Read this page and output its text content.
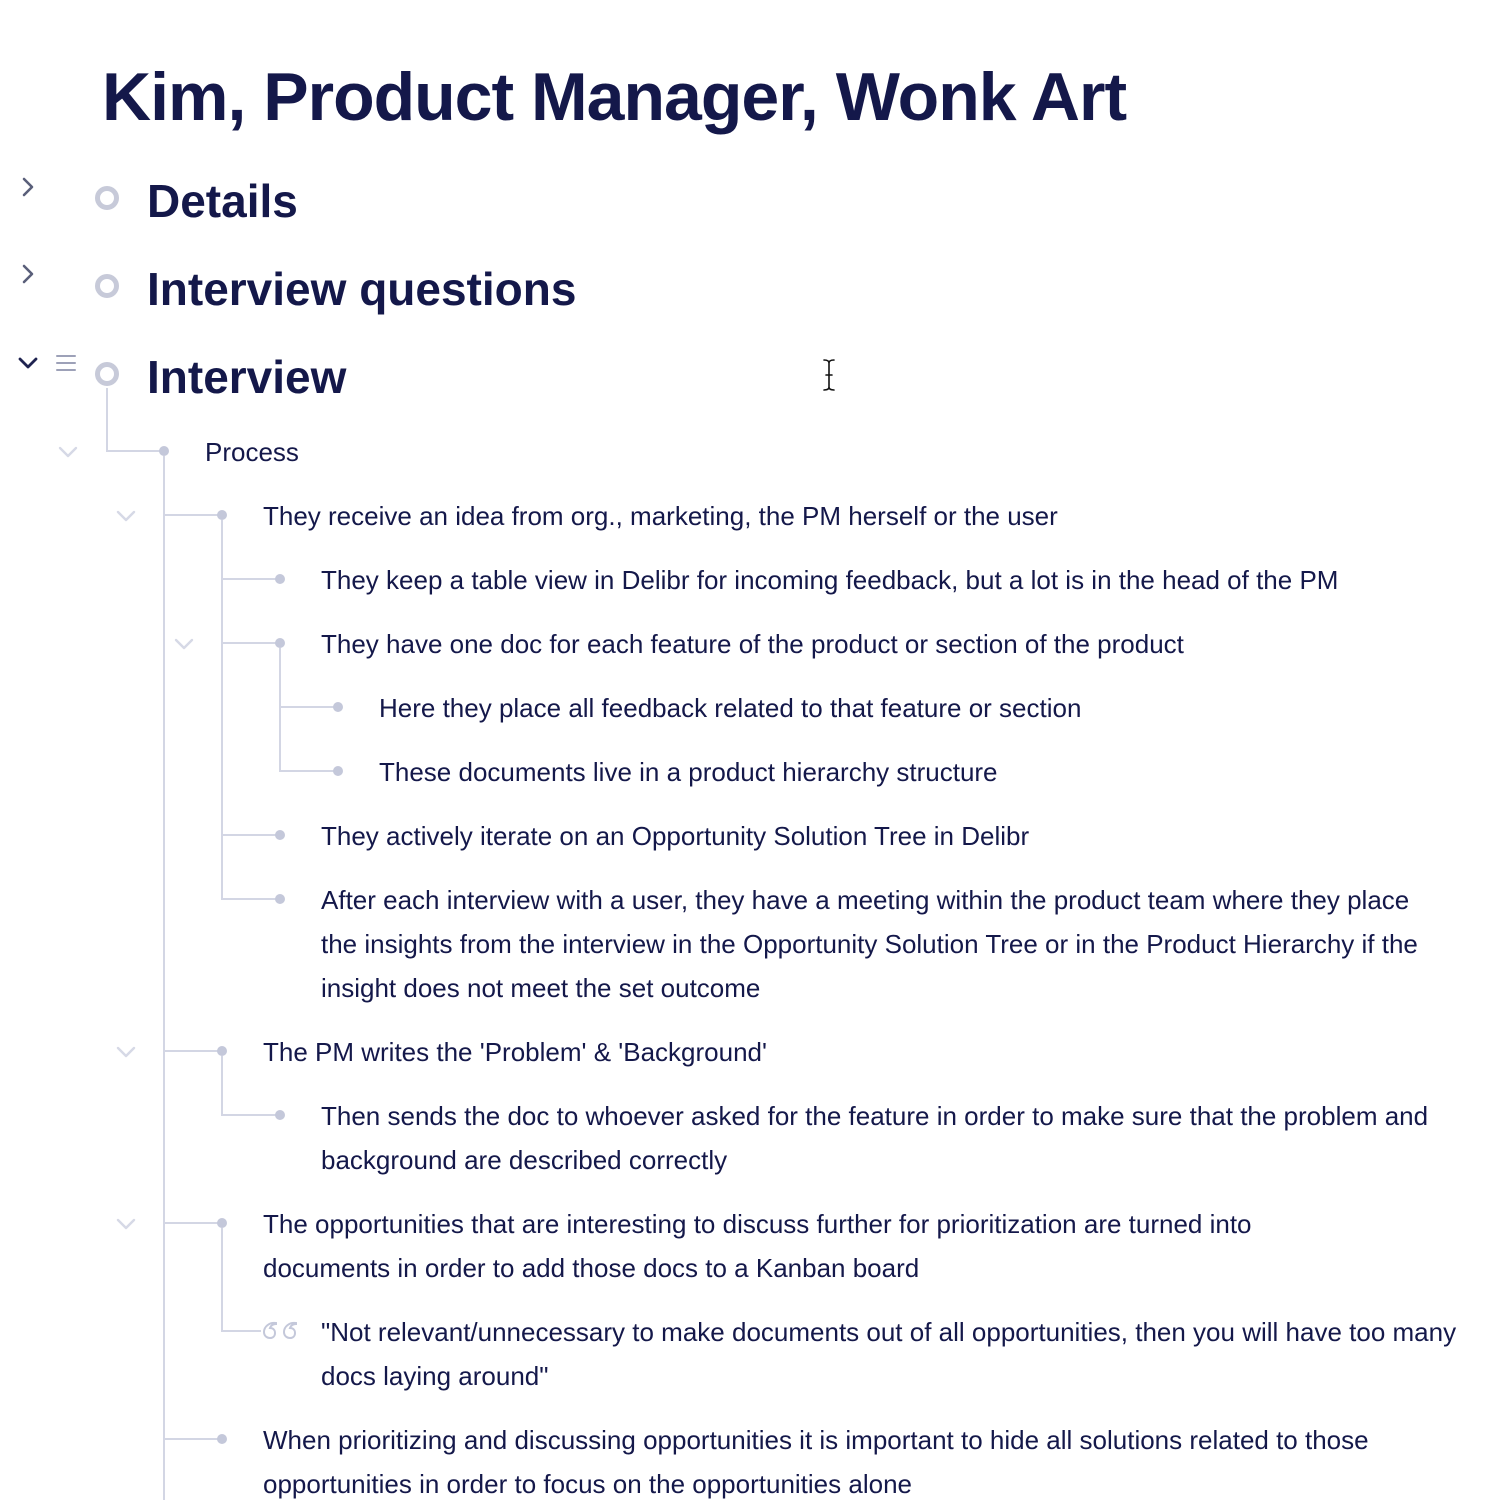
Kim, Product Manager, Wonk Art
Details
Interview questions
Interview
Process
They receive an idea from org., marketing, the PM herself or the user
They keep a table view in Delibr for incoming feedback, but a lot is in the head of the PM
They have one doc for each feature of the product or section of the product
Here they place all feedback related to that feature or section
These documents live in a product hierarchy structure
They actively iterate on an Opportunity Solution Tree in Delibr
After each interview with a user, they have a meeting within the product team where they place the insights from the interview in the Opportunity Solution Tree or in the Product Hierarchy if the insight does not meet the set outcome
The PM writes the 'Problem' & 'Background'
Then sends the doc to whoever asked for the feature in order to make sure that the problem and background are described correctly
The opportunities that are interesting to discuss further for prioritization are turned into documents in order to add those docs to a Kanban board
"Not relevant/unnecessary to make documents out of all opportunities, then you will have too many docs laying around"
When prioritizing and discussing opportunities it is important to hide all solutions related to those opportunities in order to focus on the opportunities alone
